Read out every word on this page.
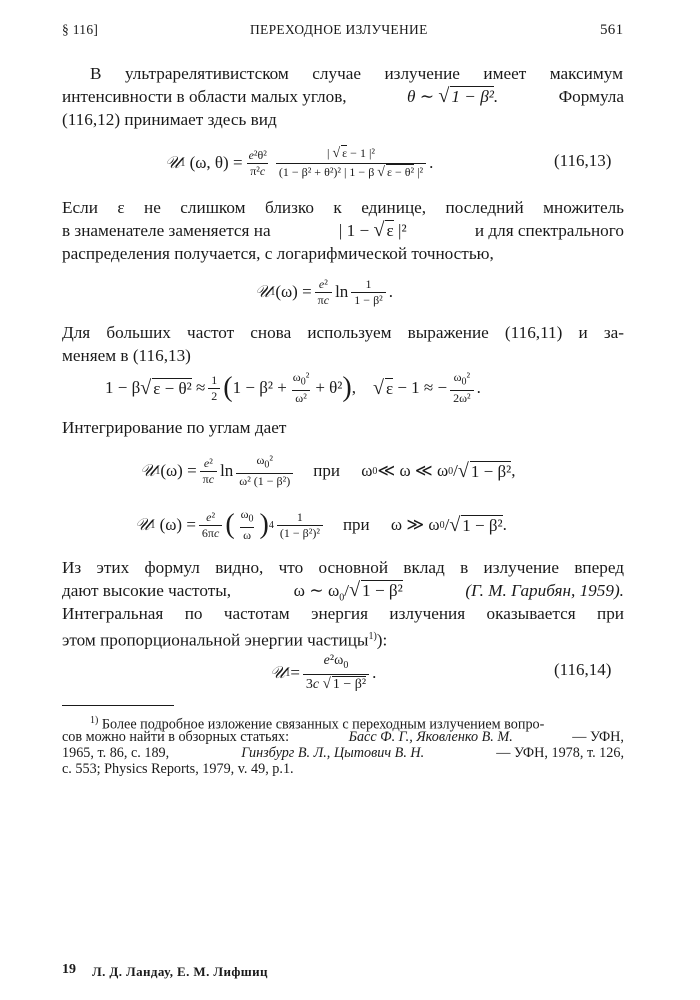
§ 116]	ПЕРЕХОДНОЕ ИЗЛУЧЕНИЕ	561
В ультрарелятивистском случае излучение имеет максимум
интенсивности в области малых углов,	θ ∼ √ 1 − β².	Формула
(116,12) принимает здесь вид
𝒰 1 (ω, $\theta) = \frac{\text{e²θ²}}{\text{π²c}} \frac{\text{| √ ε − 1 |²}}{\text{(1 − β² + θ²)² | 1 − β √ ε − θ² |²}}$ .	(116,13)
Если ε не слишком близко к единице, последний множитель
в знаменателе заменяется на	| 1 − √ ε |²	и для спектрального
распределения получается, с логарифмической точностью,
𝒰 1 $(\omega) = \frac{\text{e²}}{\pi c}$ $\ln \frac{1}{\text{1 − β²}}$ .
Для больших частот снова используем выражение (116,11) и за-
меняем в (116,13)
1 − β √ $\varepsilon - \theta^2 \approx \frac{1}{2}$ ( $1 - \beta^2 + \frac{\omega_0^2}{\text{ω²}} + \theta^2$ ) , √ ε − 1 ≈ − $\frac{\omega_0^2}{\text{2ω²}}$ .
Интегрирование по углам дает
𝒰 1 $(\omega) = \frac{\text{e²}}{\pi c}$ $\ln \frac{\omega_0^2}{\text{ω² (1 − β²)}}$
при ω 0 ≪ ω ≪ ω 0 / √ 1 − β² ,
𝒰 1 $(\omega) = \frac{\text{e²}}{6\pi c}$ ( $\frac{\omega_0}{\omega}$ ) $4 \frac{1}{\text{(1 − β²)²}}$
при ω ≫ ω 0 / √ 1 − β² .
Из этих формул видно, что основной вклад в излучение вперед
дают высокие частоты,	ω ∼ $\omega_0/√$ 1 − β²	(Г. М. Гарибян, 1959).
Интегральная по частотам энергия излучения оказывается при
этом пропорциональной энергии частицы$^{1)}$):
𝒰 $1 = \frac{e^2\omega_0}{\text{3c √ 1 − β²}}$ .	(116,14)
$^{1)}$ Более подробное изложение связанных с переходным излучением вопро-
сов можно найти в обзорных статьях:	Басс Ф. Г., Яковленко В. М.	— УФН,
1965, т. 86, с. 189,	Гинзбург В. Л., Цытович В. Н.	— УФН, 1978, т. 126,
с. 553; Physics Reports, 1979, v. 49, p.1.
19 Л. Д. Ландау, Е. М. Лифшиц
